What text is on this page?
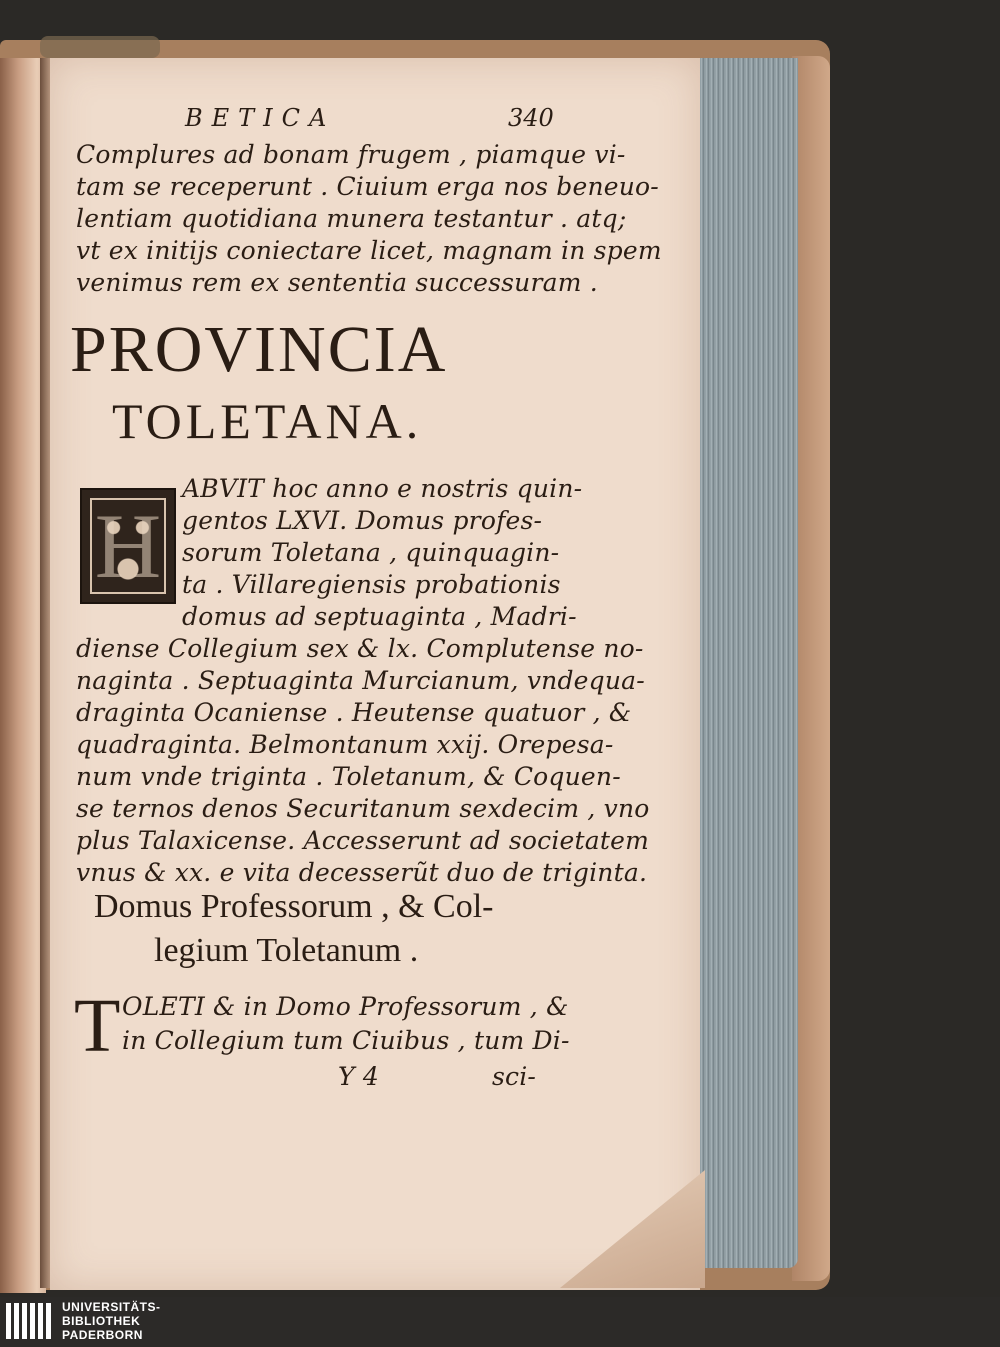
BETICA	340
Complures ad bonam frugem , piamque vi-
tam se receperunt . Ciuium erga nos beneuo-
lentiam quotidiana munera testantur . atq;
vt ex initijs coniectare licet, magnam in spem
venimus rem ex sententia successuram .
PROVINCIA
TOLETANA.
H
ABVIT hoc anno e nostris quin-
gentos LXVI. Domus profes-
sorum Toletana , quinquagin-
ta . Villaregiensis probationis
domus ad septuaginta , Madri-
diense Collegium sex & lx. Complutense no-
naginta . Septuaginta Murcianum, vndequa-
draginta Ocaniense . Heutense quatuor , &
quadraginta. Belmontanum xxij. Orepesa-
num vnde triginta . Toletanum, & Coquen-
se ternos denos Securitanum sexdecim , vno
plus Talaxicense. Accesserunt ad societatem
vnus & xx. e vita decesserũt duo de triginta.
Domus Professorum , & Col-
legium Toletanum .
T OLETI & in Domo Professorum , &
in Collegium tum Ciuibus , tum Di-
Y 4	sci-
UNIVERSITÄTS-
BIBLIOTHEK
PADERBORN
